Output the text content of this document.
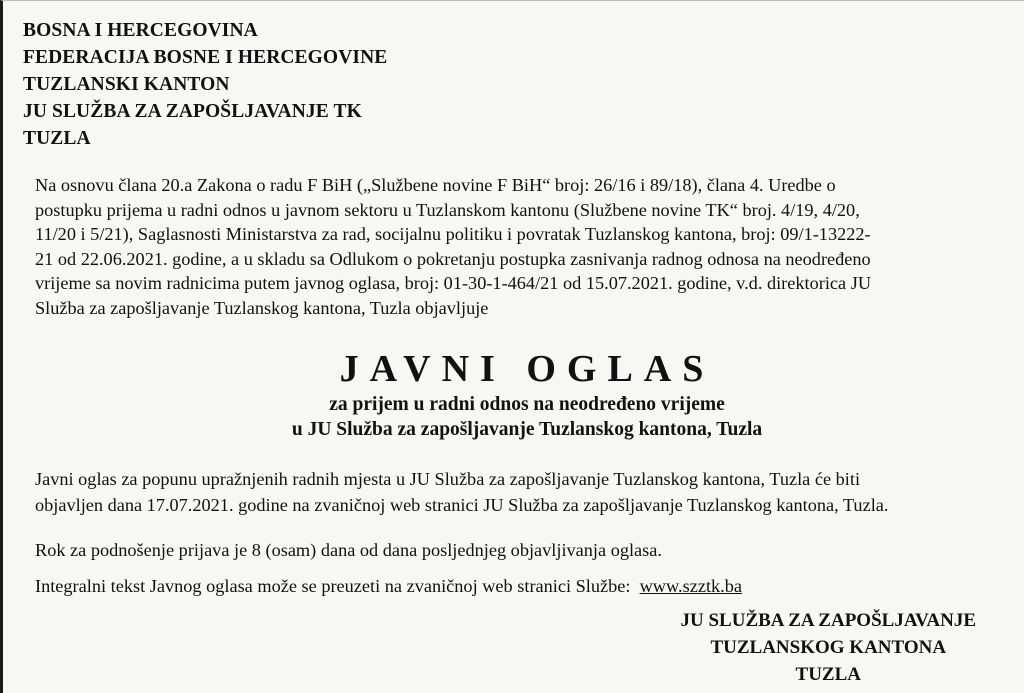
BOSNA I HERCEGOVINA
FEDERACIJA BOSNE I HERCEGOVINE
TUZLANSKI KANTON
JU SLUŽBA ZA ZAPOŠLJAVANJE TK
TUZLA
Na osnovu člana 20.a Zakona o radu F BiH („Službene novine F BiH“ broj: 26/16 i 89/18), člana 4. Uredbe o
postupku prijema u radni odnos u javnom sektoru u Tuzlanskom kantonu (Službene novine TK“ broj. 4/19, 4/20,
11/20 i 5/21), Saglasnosti Ministarstva za rad, socijalnu politiku i povratak Tuzlanskog kantona, broj: 09/1-13222-
21 od 22.06.2021. godine, a u skladu sa Odlukom o pokretanju postupka zasnivanja radnog odnosa na neodređeno
vrijeme sa novim radnicima putem javnog oglasa, broj: 01-30-1-464/21 od 15.07.2021. godine, v.d. direktorica JU
Služba za zapošljavanje Tuzlanskog kantona, Tuzla objavljuje
JAVNI OGLAS
za prijem u radni odnos na neodređeno vrijeme
u JU Služba za zapošljavanje Tuzlanskog kantona, Tuzla
Javni oglas za popunu upražnjenih radnih mjesta u JU Služba za zapošljavanje Tuzlanskog kantona, Tuzla će biti
objavljen dana 17.07.2021. godine na zvaničnoj web stranici JU Služba za zapošljavanje Tuzlanskog kantona, Tuzla.
Rok za podnošenje prijava je 8 (osam) dana od dana posljednjeg objavljivanja oglasa.
Integralni tekst Javnog oglasa može se preuzeti na zvaničnoj web stranici Službe: www.szztk.ba
JU SLUŽBA ZA ZAPOŠLJAVANJE
TUZLANSKOG KANTONA
TUZLA
